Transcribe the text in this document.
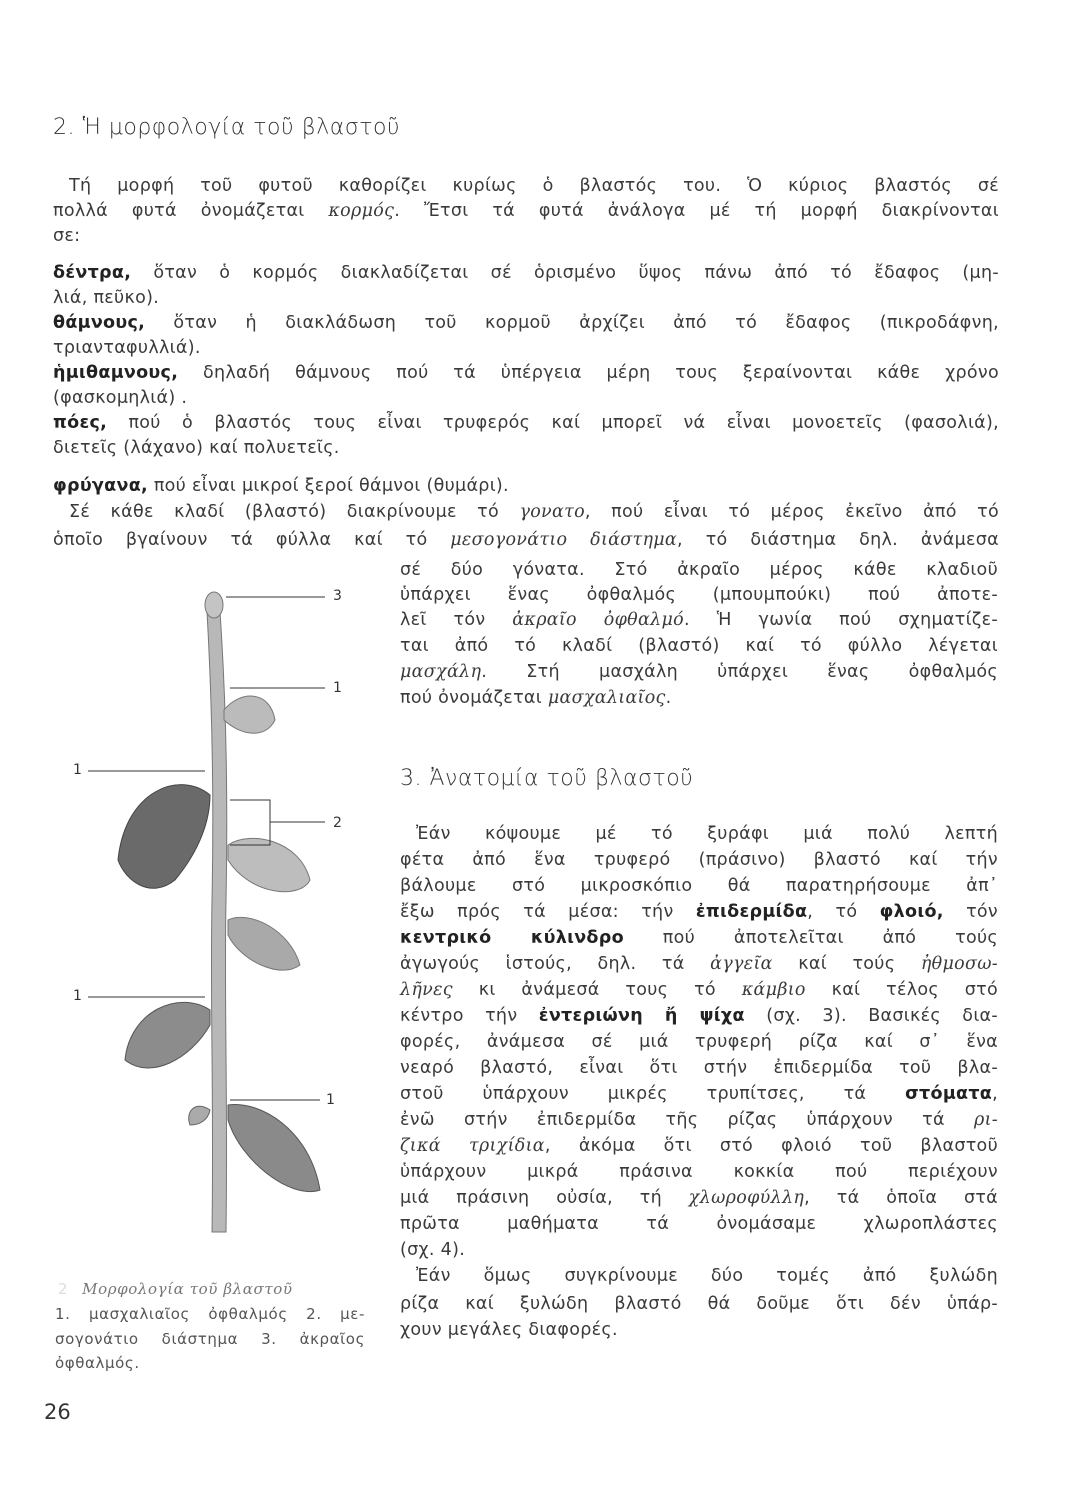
2. Ἡ μορφολογία τοῦ βλαστοῦ
Τή μορφή τοῦ φυτοῦ καθορίζει κυρίως ὁ βλαστός του. Ὁ κύριος βλαστός σέ
πολλά φυτά ὀνομάζεται κορμός. Ἔτσι τά φυτά ἀνάλογα μέ τή μορφή διακρίνονται
σε:
δέντρα, ὅταν ὁ κορμός διακλαδίζεται σέ ὁρισμένο ὕψος πάνω ἀπό τό ἔδαφος (μη-
λιά, πεῦκο).
θάμνους, ὅταν ἡ διακλάδωση τοῦ κορμοῦ ἀρχίζει ἀπό τό ἔδαφος (πικροδάφνη,
τριανταφυλλιά).
ἡμιθαμνους, δηλαδή θάμνους πού τά ὑπέργεια μέρη τους ξεραίνονται κάθε χρόνο
(φασκομηλιά) .
πόες, πού ὁ βλαστός τους εἶναι τρυφερός καί μπορεῖ νά εἶναι μονοετεῖς (φασολιά),
διετεῖς (λάχανο) καί πολυετεῖς.
φρύγανα, πού εἶναι μικροί ξεροί θάμνοι (θυμάρι).
Σέ κάθε κλαδί (βλαστό) διακρίνουμε τό γονατο, πού εἶναι τό μέρος ἐκεῖνο ἀπό τό
ὁποῖο βγαίνουν τά φύλλα καί τό μεσογονάτιο διάστημα, τό διάστημα δηλ. ἀνάμεσα
σέ δύο γόνατα. Στό ἀκραῖο μέρος κάθε κλαδιοῦ
ὑπάρχει ἕνας ὀφθαλμός (μπουμπούκι) πού ἀποτε-
λεῖ τόν ἀκραῖο ὀφθαλμό. Ἡ γωνία πού σχηματίζε-
ται ἀπό τό κλαδί (βλαστό) καί τό φύλλο λέγεται
μασχάλη. Στή μασχάλη ὑπάρχει ἕνας ὀφθαλμός
πού ὀνομάζεται μασχαλιαῖος.
3. Ἀνατομία τοῦ βλαστοῦ
Ἐάν κόψουμε μέ τό ξυράφι μιά πολύ λεπτή
φέτα ἀπό ἕνα τρυφερό (πράσινο) βλαστό καί τήν
βάλουμε στό μικροσκόπιο θά παρατηρήσουμε ἀπ᾽
ἔξω πρός τά μέσα: τήν ἐπιδερμίδα, τό φλοιό, τόν
κεντρικό κύλινδρο πού ἀποτελεῖται ἀπό τούς
ἀγωγούς ἱστούς, δηλ. τά ἀγγεῖα καί τούς ἠθμοσω-
λῆνες κι ἀνάμεσά τους τό κάμβιο καί τέλος στό
κέντρο τήν ἐντεριώνη ἤ ψίχα (σχ. 3). Βασικές δια-
φορές, ἀνάμεσα σέ μιά τρυφερή ρίζα καί σ᾽ ἕνα
νεαρό βλαστό, εἶναι ὅτι στήν ἐπιδερμίδα τοῦ βλα-
στοῦ ὑπάρχουν μικρές τρυπίτσες, τά στόματα,
ἐνῶ στήν ἐπιδερμίδα τῆς ρίζας ὑπάρχουν τά ρι-
ζικά τριχίδια, ἀκόμα ὅτι στό φλοιό τοῦ βλαστοῦ
ὑπάρχουν μικρά πράσινα κοκκία πού περιέχουν
μιά πράσινη οὐσία, τή χλωροφύλλη, τά ὁποῖα στά
πρῶτα μαθήματα τά ὀνομάσαμε χλωροπλάστες
(σχ. 4).
Ἐάν ὅμως συγκρίνουμε δύο τομές ἀπό ξυλώδη
ρίζα καί ξυλώδη βλαστό θά δοῦμε ὅτι δέν ὑπάρ-
χουν μεγάλες διαφορές.
3
1
1
2
1
1
2 Μορφολογία τοῦ βλαστοῦ
1. μασχαλιαῖος ὀφθαλμός 2. με-
σογονάτιο διάστημα 3. ἀκραῖος
ὀφθαλμός.
26
